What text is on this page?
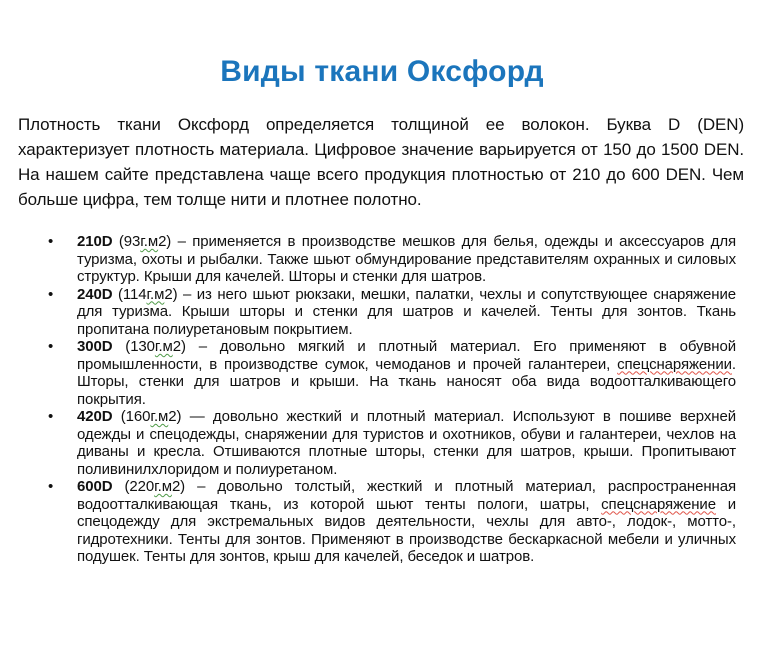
Виды ткани Оксфорд

Плотность ткани Оксфорд определяется толщиной ее волокон. Буква D (DEN) характеризует плотность материала. Цифровое значение варьируется от 150 до 1500 DEN. На нашем сайте представлена чаще всего продукция плотностью от 210 до 600 DEN. Чем больше цифра, тем толще нити и плотнее полотно.

• 210D (93г.м2) – применяется в производстве мешков для белья, одежды и аксессуаров для туризма, охоты и рыбалки. Также шьют обмундирование представителям охранных и силовых структур. Крыши для качелей. Шторы и стенки для шатров.
• 240D (114г.м2) – из него шьют рюкзаки, мешки, палатки, чехлы и сопутствующее снаряжение для туризма. Крыши шторы и стенки для шатров и качелей. Тенты для зонтов. Ткань пропитана полиуретановым покрытием.
• 300D (130г.м2) – довольно мягкий и плотный материал. Его применяют в обувной промышленности, в производстве сумок, чемоданов и прочей галантереи, спецснаряжении. Шторы, стенки для шатров и крыши. На ткань наносят оба вида водоотталкивающего покрытия.
• 420D (160г.м2) — довольно жесткий и плотный материал. Используют в пошиве верхней одежды и спецодежды, снаряжении для туристов и охотников, обуви и галантереи, чехлов на диваны и кресла. Отшиваются плотные шторы, стенки для шатров, крыши. Пропитывают поливинилхлоридом и полиуретаном.
• 600D (220г.м2) – довольно толстый, жесткий и плотный материал, распространенная водоотталкивающая ткань, из которой шьют тенты пологи, шатры, спецснаряжение и спецодежду для экстремальных видов деятельности, чехлы для авто-, лодок-, мотто-, гидротехники. Тенты для зонтов. Применяют в производстве бескаркасной мебели и уличных подушек. Тенты для зонтов, крыш для качелей, беседок и шатров.
